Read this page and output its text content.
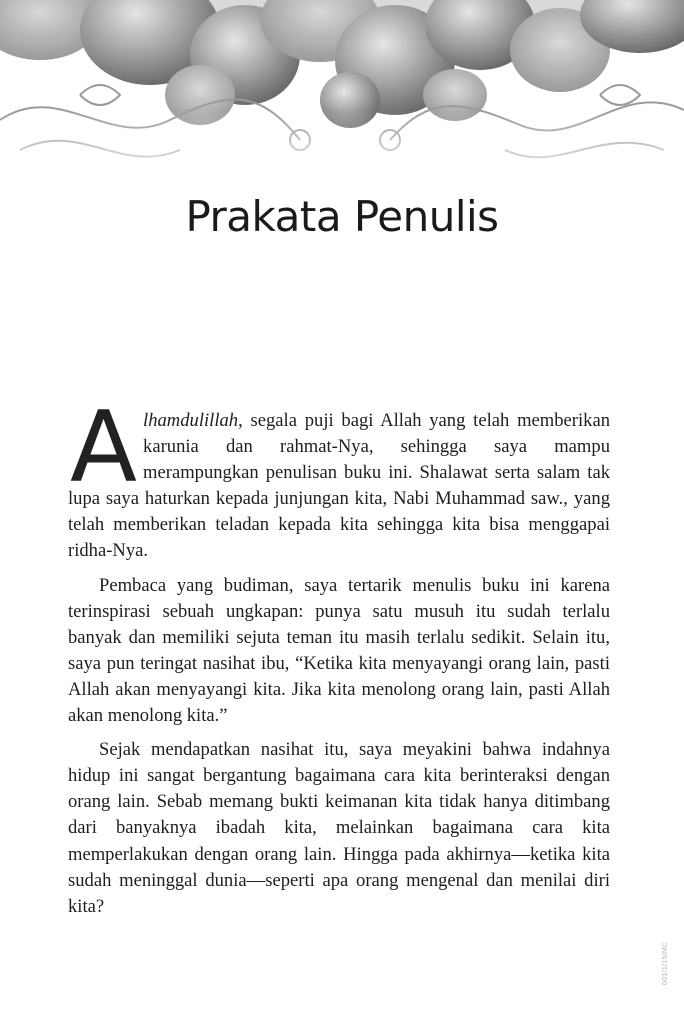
Prakata Penulis

Alhamdulillah, segala puji bagi Allah yang telah memberikan karunia dan rahmat-Nya, sehingga saya mampu merampungkan penulisan buku ini. Shalawat serta salam tak lupa saya haturkan kepada junjungan kita, Nabi Muhammad saw., yang telah memberikan teladan kepada kita sehingga kita bisa menggapai ridha-Nya.

Pembaca yang budiman, saya tertarik menulis buku ini karena terinspirasi sebuah ungkapan: punya satu musuh itu sudah terlalu banyak dan memiliki sejuta teman itu masih terlalu sedikit. Selain itu, saya pun teringat nasihat ibu, “Ketika kita menyayangi orang lain, pasti Allah akan menyayangi kita. Jika kita menolong orang lain, pasti Allah akan menolong kita.”

Sejak mendapatkan nasihat itu, saya meyakini bahwa indahnya hidup ini sangat bergantung bagaimana cara kita berinteraksi dengan orang lain. Sebab memang bukti keimanan kita tidak hanya ditimbang dari banyaknya ibadah kita, melainkan bagaimana cara kita memperlakukan dengan orang lain. Hingga pada akhirnya—ketika kita sudah meninggal dunia—seperti apa orang mengenal dan menilai diri kita?

001/1/15/MC
